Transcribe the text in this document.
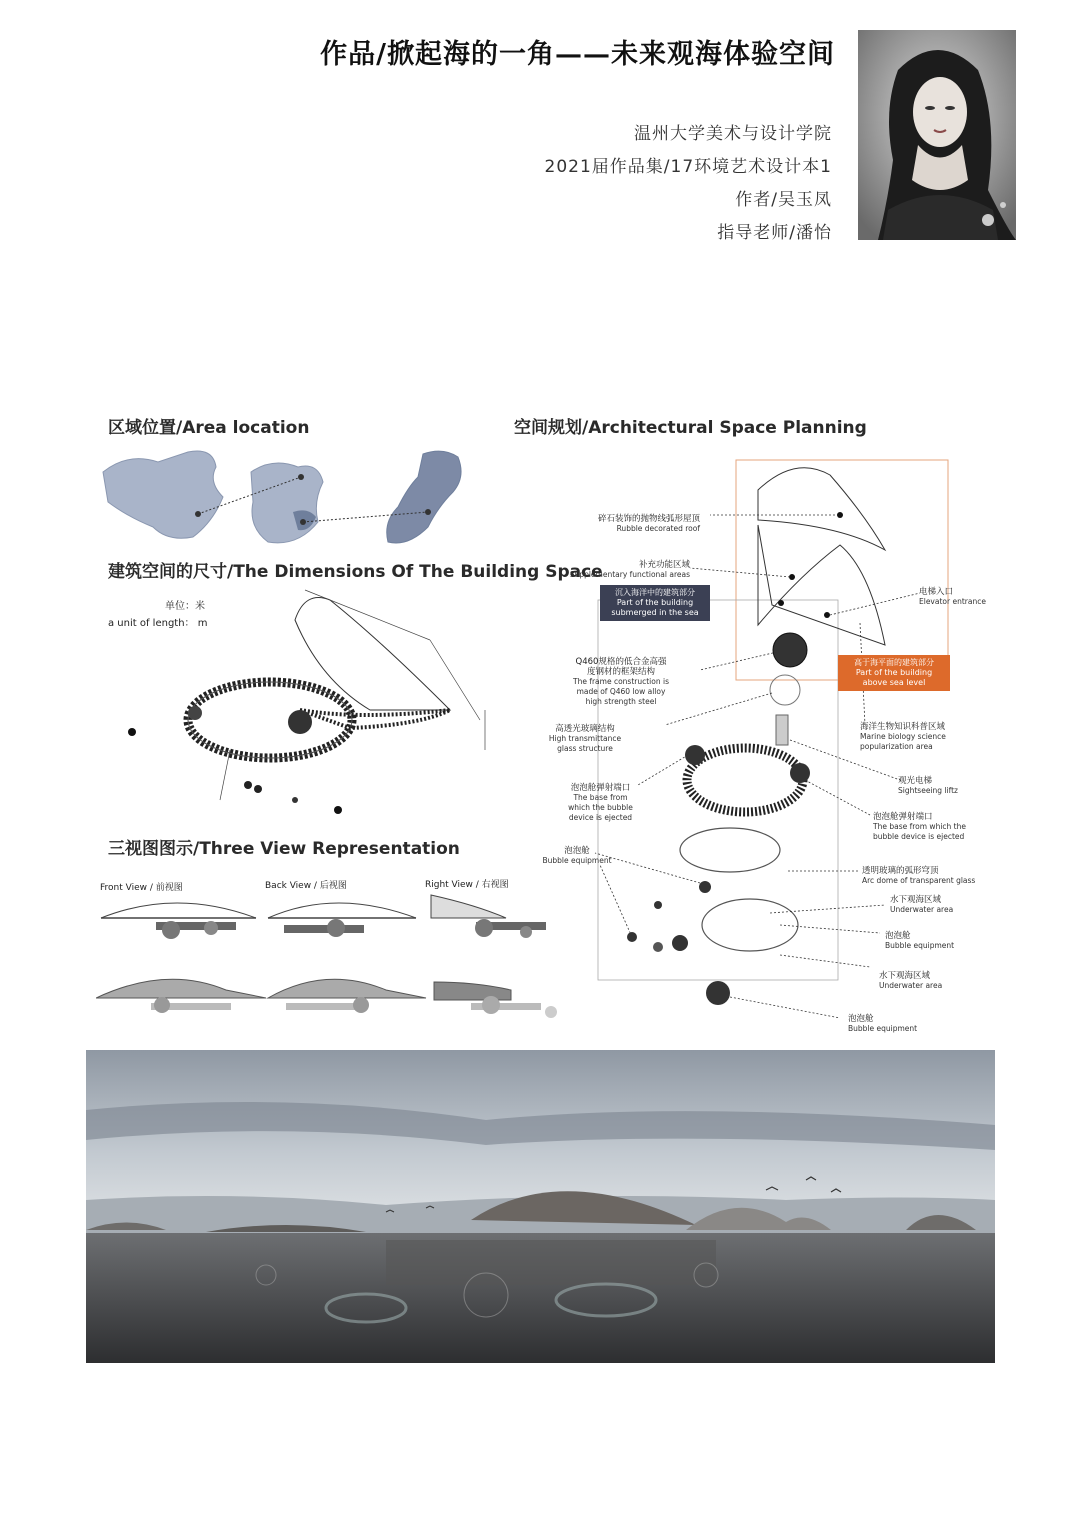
作品/掀起海的一角——未来观海体验空间
温州大学美术与设计学院
2021届作品集/17环境艺术设计本1
作者/吴玉凤
指导老师/潘怡
区域位置/Area location
建筑空间的尺寸/The Dimensions Of The Building Space
单位：米
a unit of length： m
三视图图示/Three View Representation
Front View / 前视图	Back View / 后视图	Right View / 右视图
空间规划/Architectural Space Planning
碎石装饰的抛物线弧形屋顶
Rubble decorated roof
补充功能区域
Supplementary functional areas
电梯入口
Elevator entrance
沉入海洋中的建筑部分
Part of the building
submerged in the sea
高于海平面的建筑部分
Part of the building
above sea level
Q460规格的低合金高强
度钢材的框架结构
The frame construction is
made of Q460 low alloy
high strength steel
高透光玻璃结构
High transmittance
glass structure
海洋生物知识科普区域
Marine biology science
popularization area
观光电梯
Sightseeing liftz
泡泡舱弹射端口
The base from
which the bubble
device is ejected	泡泡舱弹射端口
The base from which the
bubble device is ejected
泡泡舱
Bubble equipment
透明玻璃的弧形穹顶
Arc dome of transparent glass
水下观海区域
Underwater area
泡泡舱
Bubble equipment
水下观海区域
Underwater area
泡泡舱
Bubble equipment
